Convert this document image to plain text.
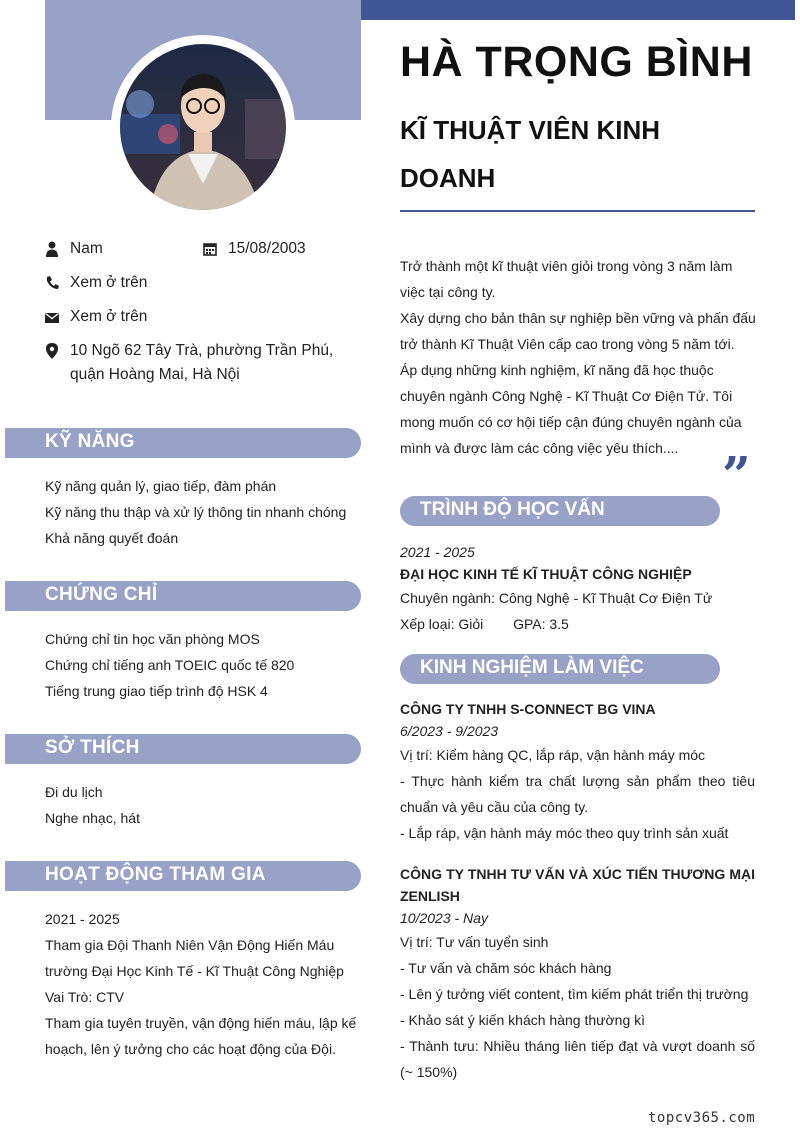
Nam	15/08/2003
Xem ở trên
Xem ở trên
10 Ngõ 62 Tây Trà, phường Trần Phú, quận Hoàng Mai, Hà Nội
KỸ NĂNG
Kỹ năng quản lý, giao tiếp, đàm phán
Kỹ năng thu thập và xử lý thông tin nhanh chóng
Khả năng quyết đoán
CHỨNG CHỈ
Chứng chỉ tin học văn phòng MOS
Chứng chỉ tiếng anh TOEIC quốc tế 820
Tiếng trung giao tiếp trình độ HSK 4
SỞ THÍCH
Đi du lịch
Nghe nhạc, hát
HOẠT ĐỘNG THAM GIA
2021 - 2025
Tham gia Đội Thanh Niên Vận Động Hiến Máu
trường Đại Học Kinh Tế - Kĩ Thuật Công Nghiệp
Vai Trò: CTV
Tham gia tuyên truyền, vận động hiến máu, lập kế
hoạch, lên ý tưởng cho các hoạt động của Đội.
HÀ TRỌNG BÌNH
KĨ THUẬT VIÊN KINH DOANH
Trở thành một kĩ thuật viên giỏi trong vòng 3 năm làm
việc tại công ty.
Xây dựng cho bản thân sự nghiệp bền vững và phấn đấu
trở thành Kĩ Thuật Viên cấp cao trong vòng 5 năm tới.
Áp dụng những kinh nghiệm, kĩ năng đã học thuộc
chuyên ngành Công Nghệ - Kĩ Thuật Cơ Điện Tử. Tôi
mong muốn có cơ hội tiếp cận đúng chuyên ngành của
mình và được làm các công việc yêu thích.... ”
TRÌNH ĐỘ HỌC VẤN
2021 - 2025
ĐẠI HỌC KINH TẾ KĨ THUẬT CÔNG NGHIỆP
Chuyên ngành: Công Nghệ - Kĩ Thuật Cơ Điện Tử
Xếp loại: Giỏi GPA: 3.5
KINH NGHIỆM LÀM VIỆC
CÔNG TY TNHH S-CONNECT BG VINA
6/2023 - 9/2023
Vị trí: Kiểm hàng QC, lắp ráp, vận hành máy móc
- Thực hành kiểm tra chất lượng sản phẩm theo tiêu chuẩn và yêu cầu của công ty.
- Lắp ráp, vận hành máy móc theo quy trình sản xuất
CÔNG TY TNHH TƯ VẤN VÀ XÚC TIẾN THƯƠNG MẠI ZENLISH
10/2023 - Nay
Vị trí: Tư vấn tuyển sinh
- Tư vấn và chăm sóc khách hàng
- Lên ý tưởng viết content, tìm kiếm phát triển thị trường
- Khảo sát ý kiến khách hàng thường kì
- Thành tưu: Nhiều tháng liên tiếp đạt và vượt doanh số (~ 150%)
topcv365.com
